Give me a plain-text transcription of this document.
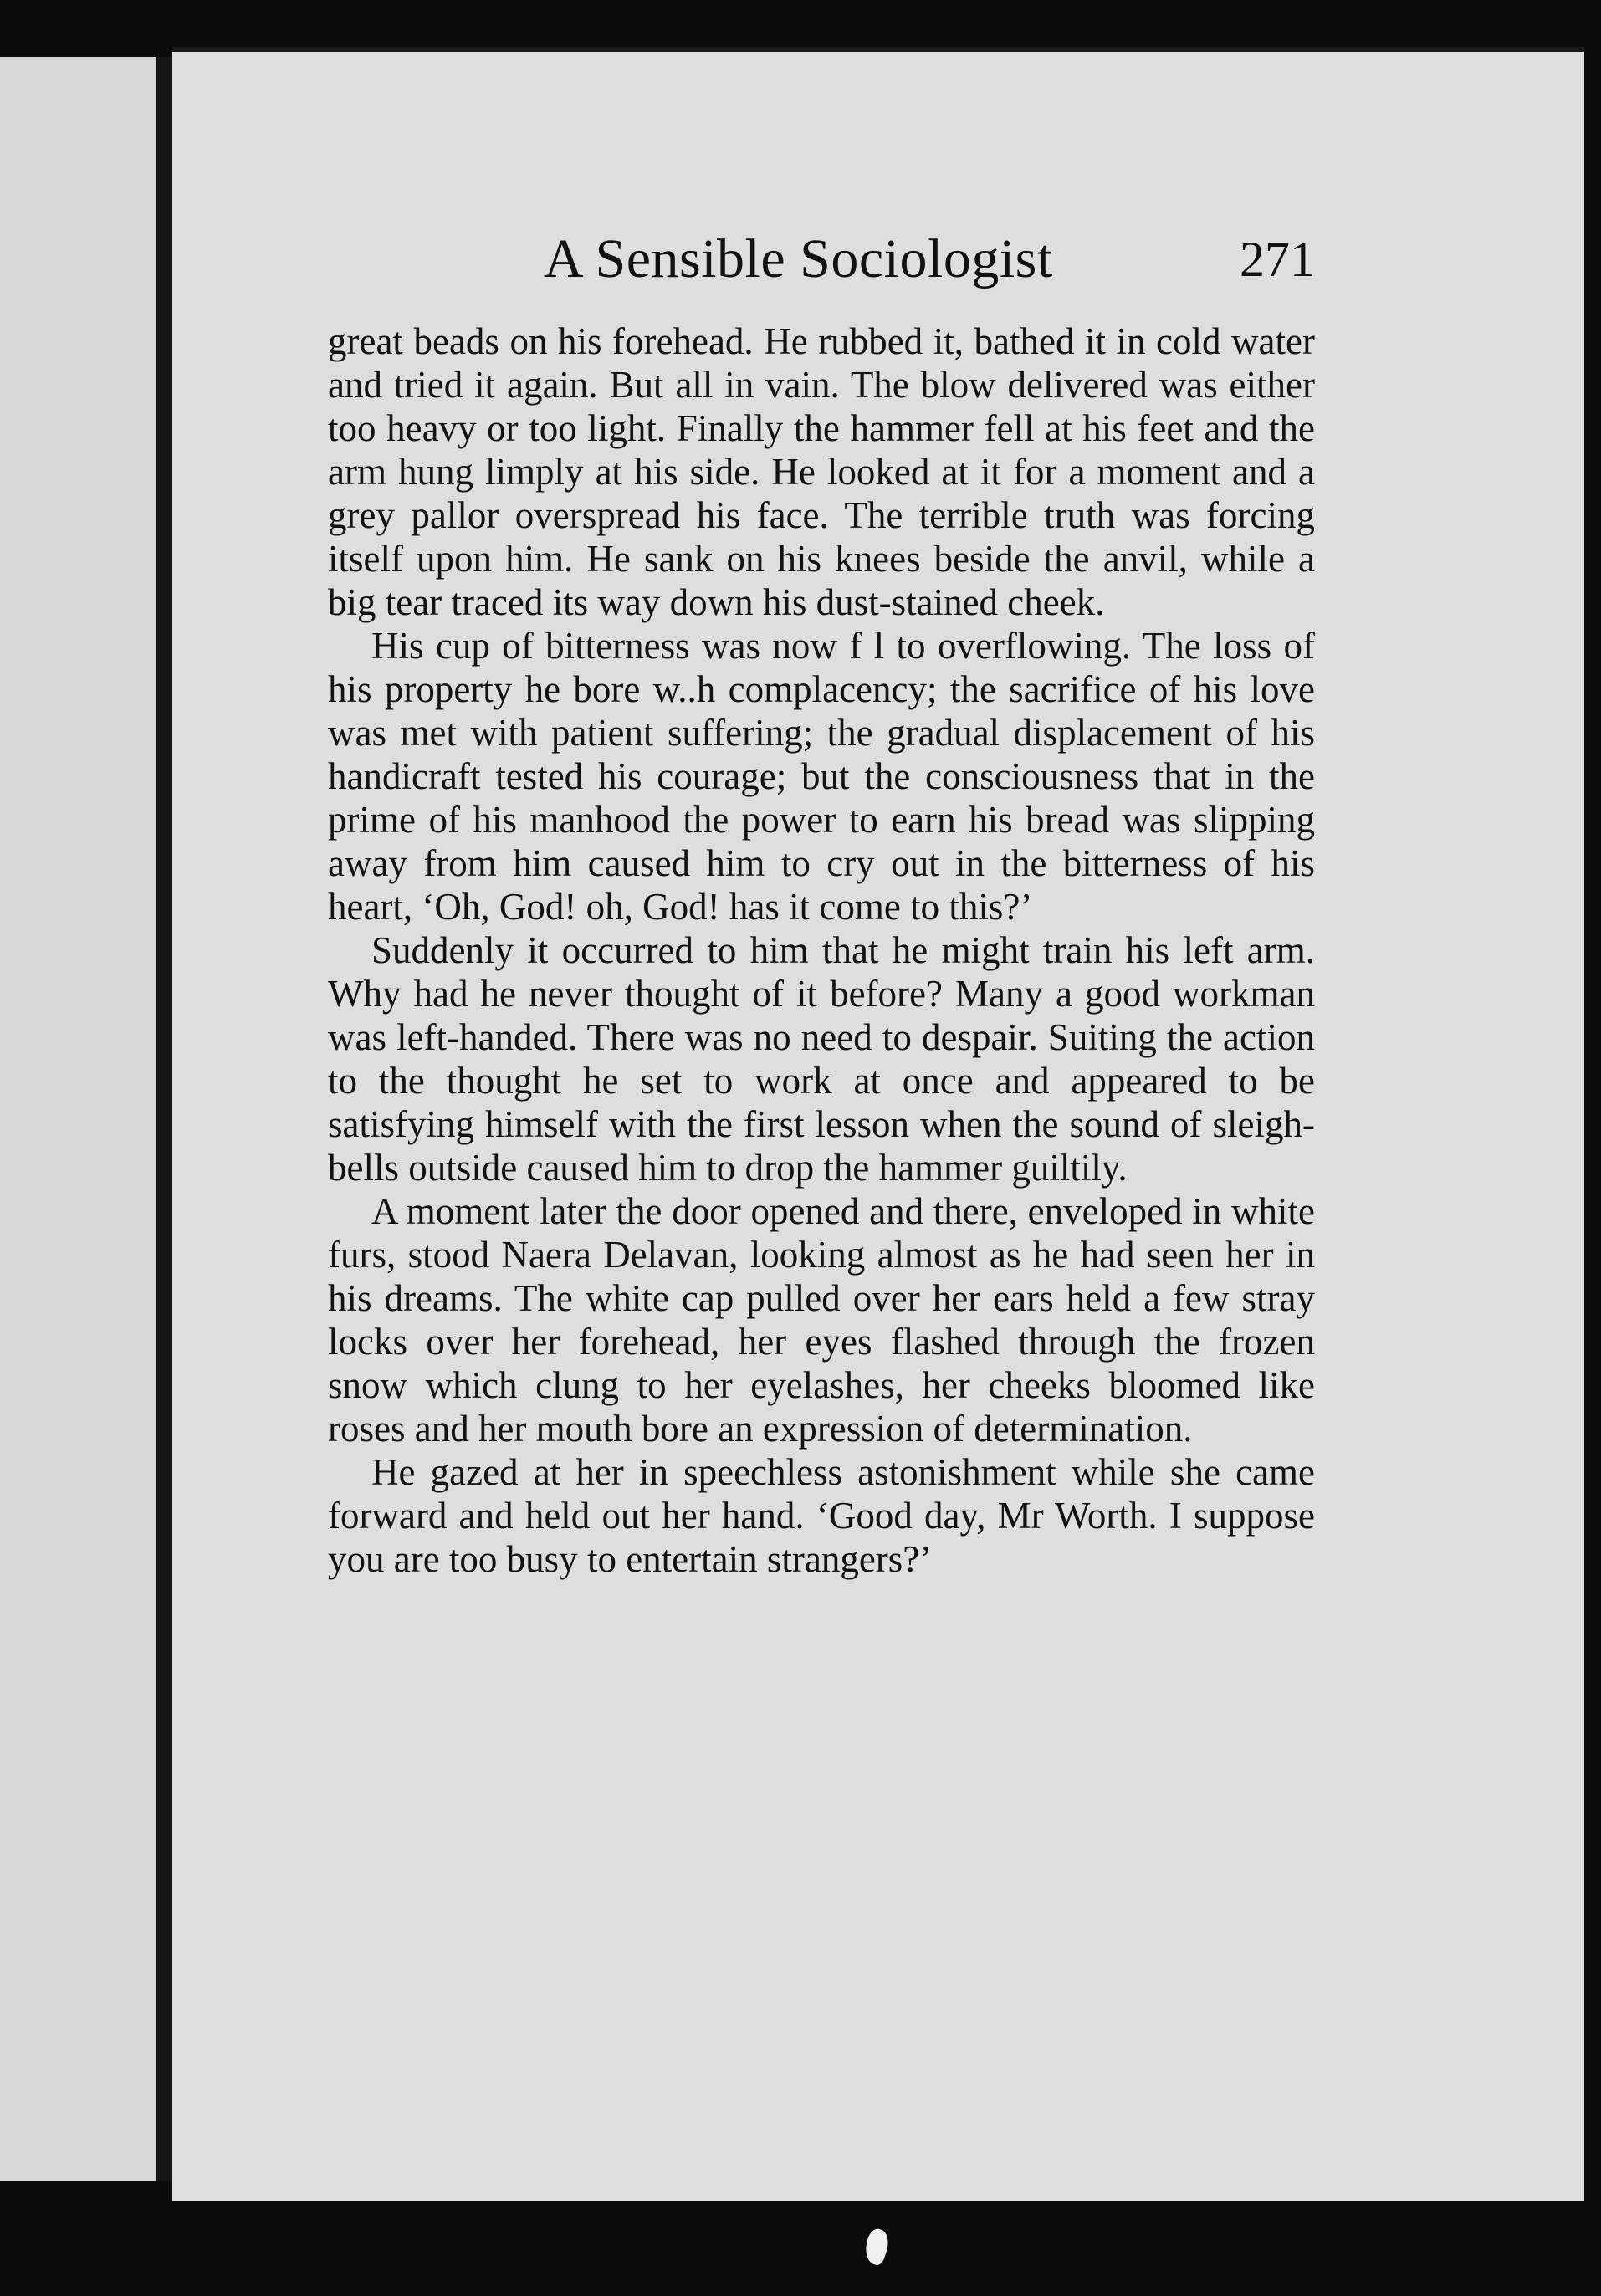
A Sensible Sociologist	271

great beads on his forehead. He rubbed it, bathed it in cold water and tried it again. But all in vain. The blow delivered was either too heavy or too light. Finally the hammer fell at his feet and the arm hung limply at his side. He looked at it for a moment and a grey pallor overspread his face. The terrible truth was forcing itself upon him. He sank on his knees beside the anvil, while a big tear traced its way down his dust-stained cheek.

His cup of bitterness was now f l to overflowing. The loss of his property he bore w..h complacency; the sacrifice of his love was met with patient suffering; the gradual displacement of his handicraft tested his courage; but the consciousness that in the prime of his manhood the power to earn his bread was slipping away from him caused him to cry out in the bitterness of his heart, ‘Oh, God! oh, God! has it come to this?’

Suddenly it occurred to him that he might train his left arm. Why had he never thought of it before? Many a good workman was left-handed. There was no need to despair. Suiting the action to the thought he set to work at once and appeared to be satisfying himself with the first lesson when the sound of sleigh-bells outside caused him to drop the hammer guiltily.

A moment later the door opened and there, enveloped in white furs, stood Naera Delavan, looking almost as he had seen her in his dreams. The white cap pulled over her ears held a few stray locks over her forehead, her eyes flashed through the frozen snow which clung to her eyelashes, her cheeks bloomed like roses and her mouth bore an expression of determination.

He gazed at her in speechless astonishment while she came forward and held out her hand. ‘Good day, Mr Worth. I suppose you are too busy to entertain strangers?’
